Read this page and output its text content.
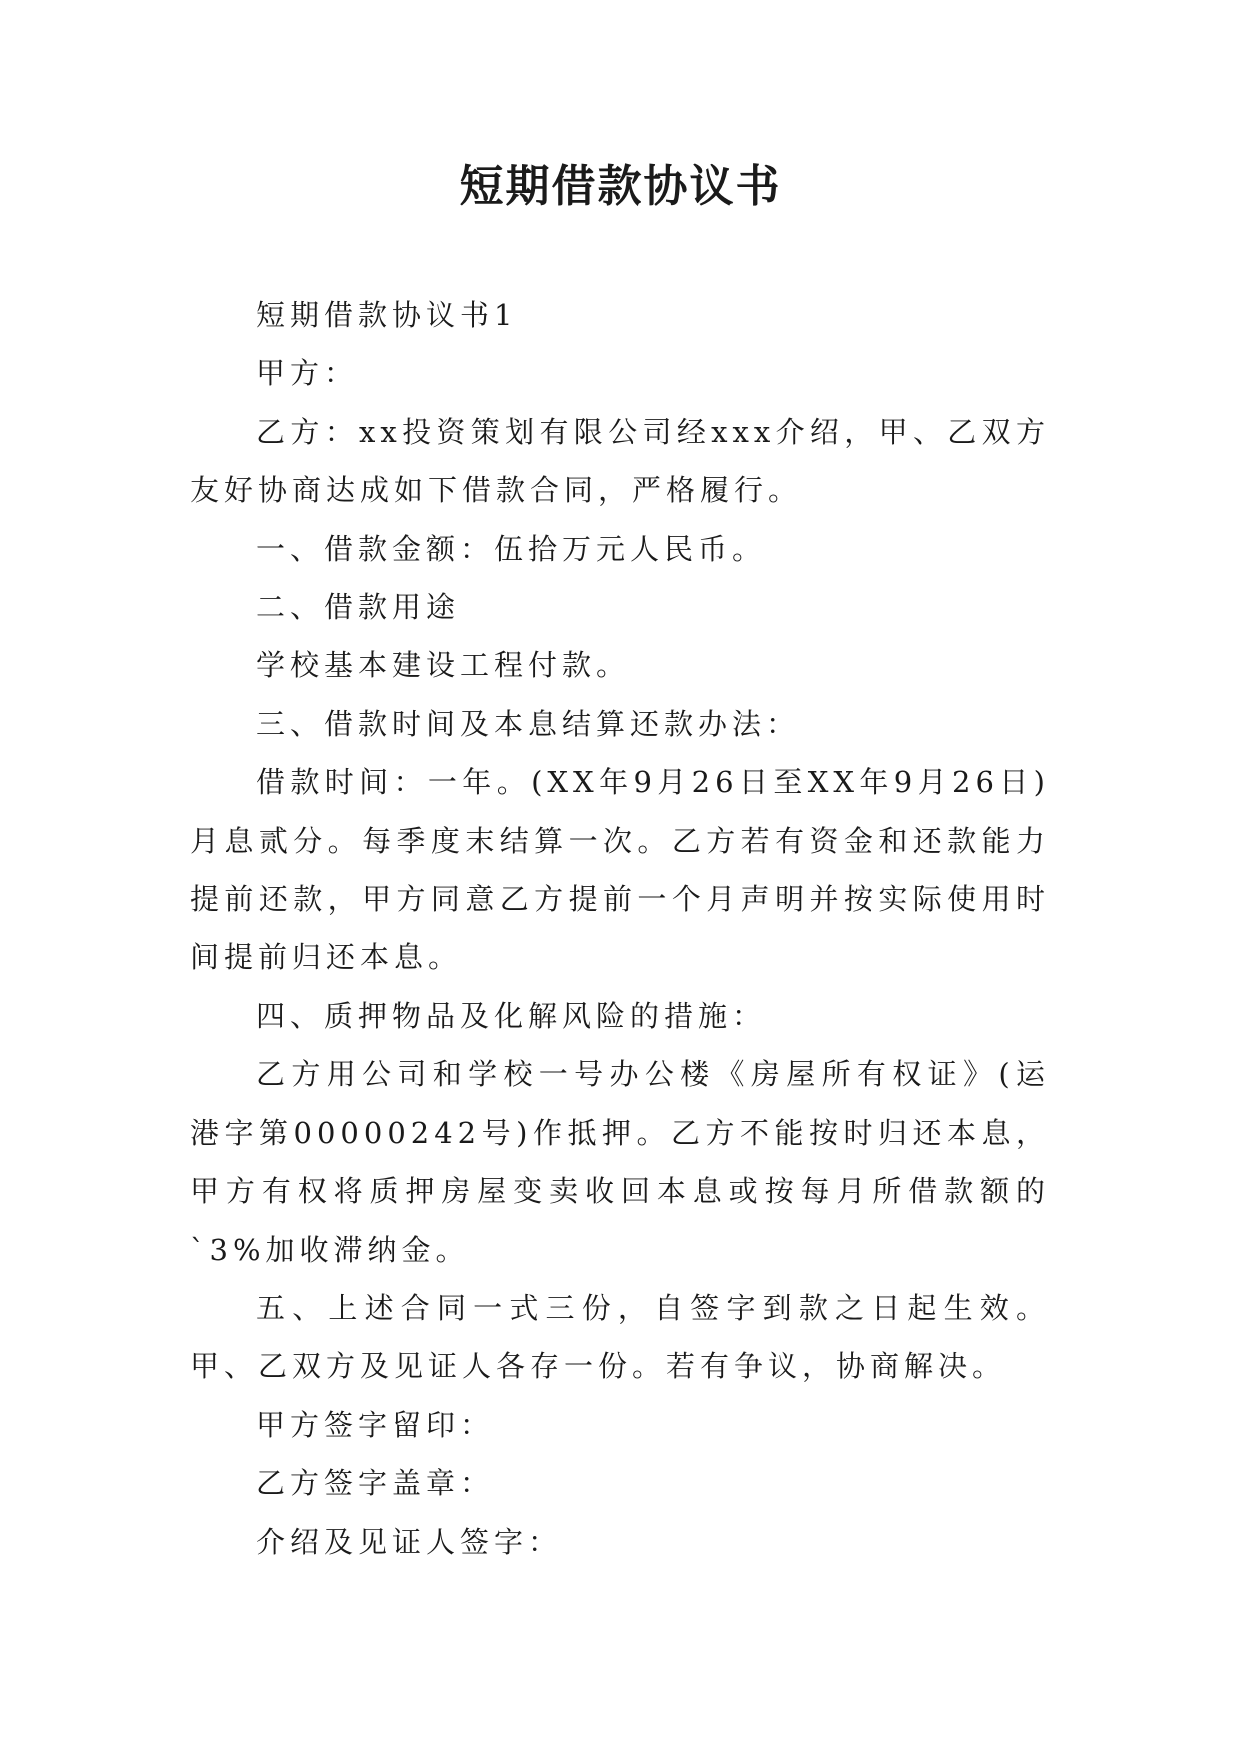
短期借款协议书

短期借款协议书1

甲方：

乙方：xx投资策划有限公司经xxx介绍，甲、乙双方友好协商达成如下借款合同，严格履行。

一、借款金额：伍拾万元人民币。

二、借款用途

学校基本建设工程付款。

三、借款时间及本息结算还款办法：

借款时间：一年。(XX年9月26日至XX年9月26日)月息贰分。每季度末结算一次。乙方若有资金和还款能力提前还款，甲方同意乙方提前一个月声明并按实际使用时间提前归还本息。

四、质押物品及化解风险的措施：

乙方用公司和学校一号办公楼《房屋所有权证》(运港字第00000242号)作抵押。乙方不能按时归还本息，甲方有权将质押房屋变卖收回本息或按每月所借款额的`3%加收滞纳金。

五、上述合同一式三份，自签字到款之日起生效。甲、乙双方及见证人各存一份。若有争议，协商解决。

甲方签字留印：

乙方签字盖章：

介绍及见证人签字：
